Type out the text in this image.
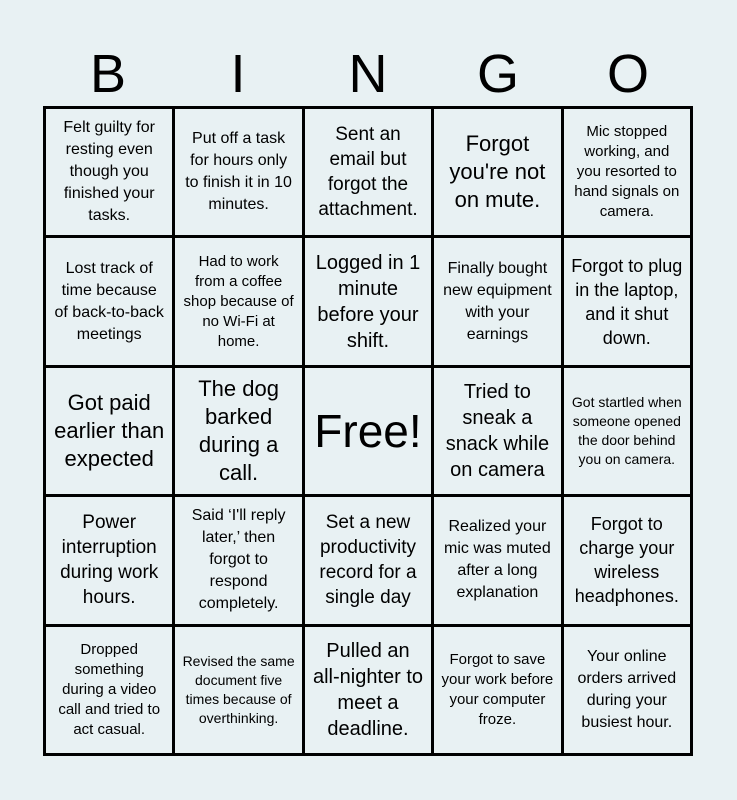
B	I	N	G	O
Felt guilty for resting even though you finished your tasks.
Put off a task for hours only to finish it in 10 minutes.
Sent an email but forgot the attachment.
Forgot you're not on mute.
Mic stopped working, and you resorted to hand signals on camera.
Lost track of time because of back-to-back meetings
Had to work from a coffee shop because of no Wi-Fi at home.
Logged in 1 minute before your shift.
Finally bought new equipment with your earnings
Forgot to plug in the laptop, and it shut down.
Got paid earlier than expected
The dog barked during a call.
Free!
Tried to sneak a snack while on camera
Got startled when someone opened the door behind you on camera.
Power interruption during work hours.
Said ‘I'll reply later,’ then forgot to respond completely.
Set a new productivity record for a single day
Realized your mic was muted after a long explanation
Forgot to charge your wireless headphones.
Dropped something during a video call and tried to act casual.
Revised the same document five times because of overthinking.
Pulled an all-nighter to meet a deadline.
Forgot to save your work before your computer froze.
Your online orders arrived during your busiest hour.
